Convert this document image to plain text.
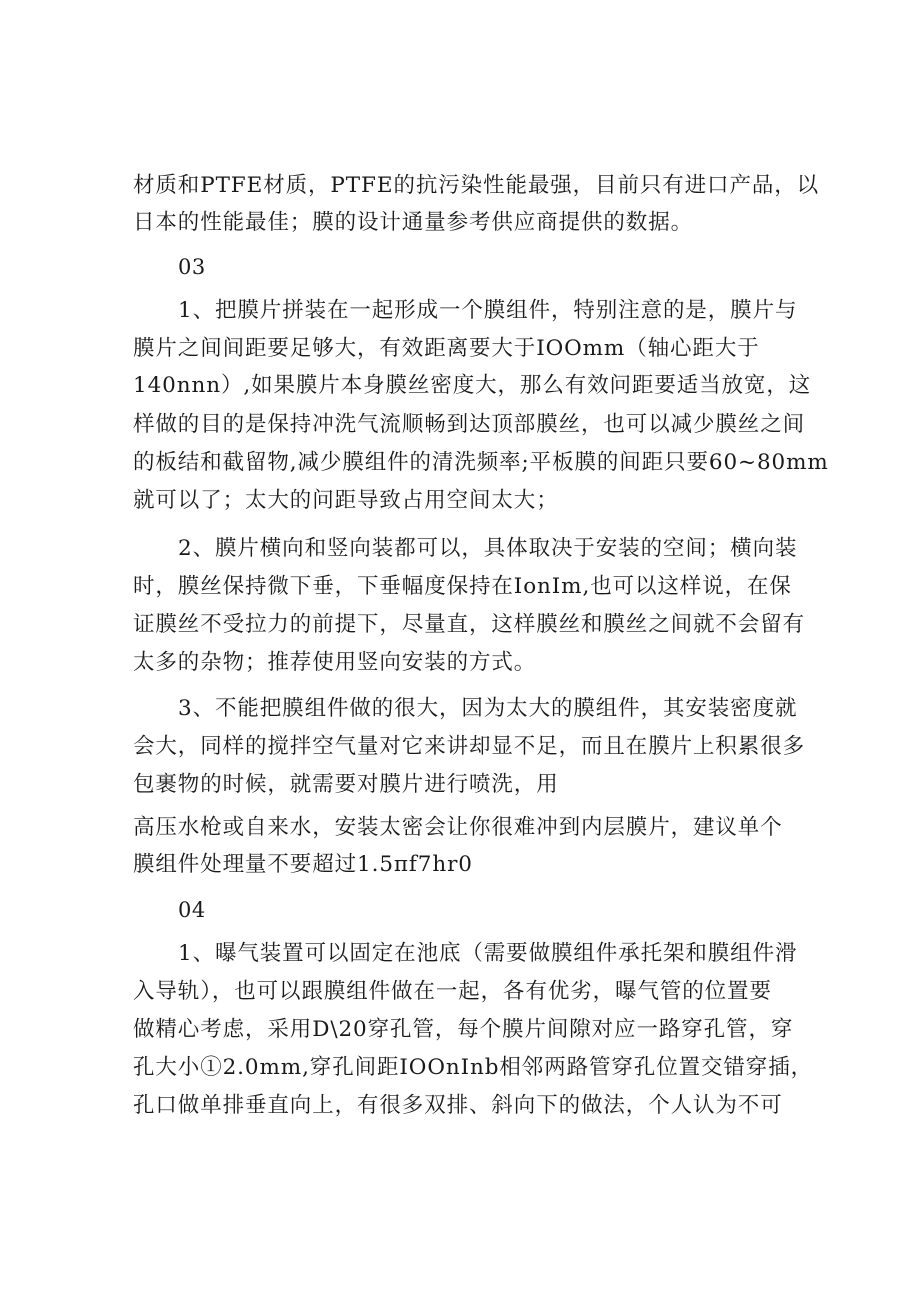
材质和PTFE材质，PTFE的抗污染性能最强，目前只有进口产品，以
日本的性能最佳；膜的设计通量参考供应商提供的数据。
03
1、把膜片拼装在一起形成一个膜组件，特别注意的是，膜片与
膜片之间间距要足够大，有效距离要大于IOOmm（轴心距大于
140nnn）,如果膜片本身膜丝密度大，那么有效问距要适当放宽，这
样做的目的是保持冲洗气流顺畅到达顶部膜丝，也可以减少膜丝之间
的板结和截留物,减少膜组件的清洗频率;平板膜的间距只要60~80mm
就可以了；太大的问距导致占用空间太大；
2、膜片横向和竖向装都可以，具体取决于安装的空间；横向装
时，膜丝保持微下垂，下垂幅度保持在IonIm,也可以这样说，在保
证膜丝不受拉力的前提下，尽量直，这样膜丝和膜丝之间就不会留有
太多的杂物；推荐使用竖向安装的方式。
3、不能把膜组件做的很大，因为太大的膜组件，其安装密度就
会大，同样的搅拌空气量对它来讲却显不足，而且在膜片上积累很多
包裹物的时候，就需要对膜片进行喷洗，用
高压水枪或自来水，安装太密会让你很难冲到内层膜片，建议单个
膜组件处理量不要超过1.5πf7hr0
04
1、曝气装置可以固定在池底（需要做膜组件承托架和膜组件滑
入导轨），也可以跟膜组件做在一起，各有优劣，曝气管的位置要
做精心考虑，采用D\20穿孔管，每个膜片间隙对应一路穿孔管，穿
孔大小①2.0mm,穿孔间距IOOnInb相邻两路管穿孔位置交错穿插，
孔口做单排垂直向上，有很多双排、斜向下的做法，个人认为不可
